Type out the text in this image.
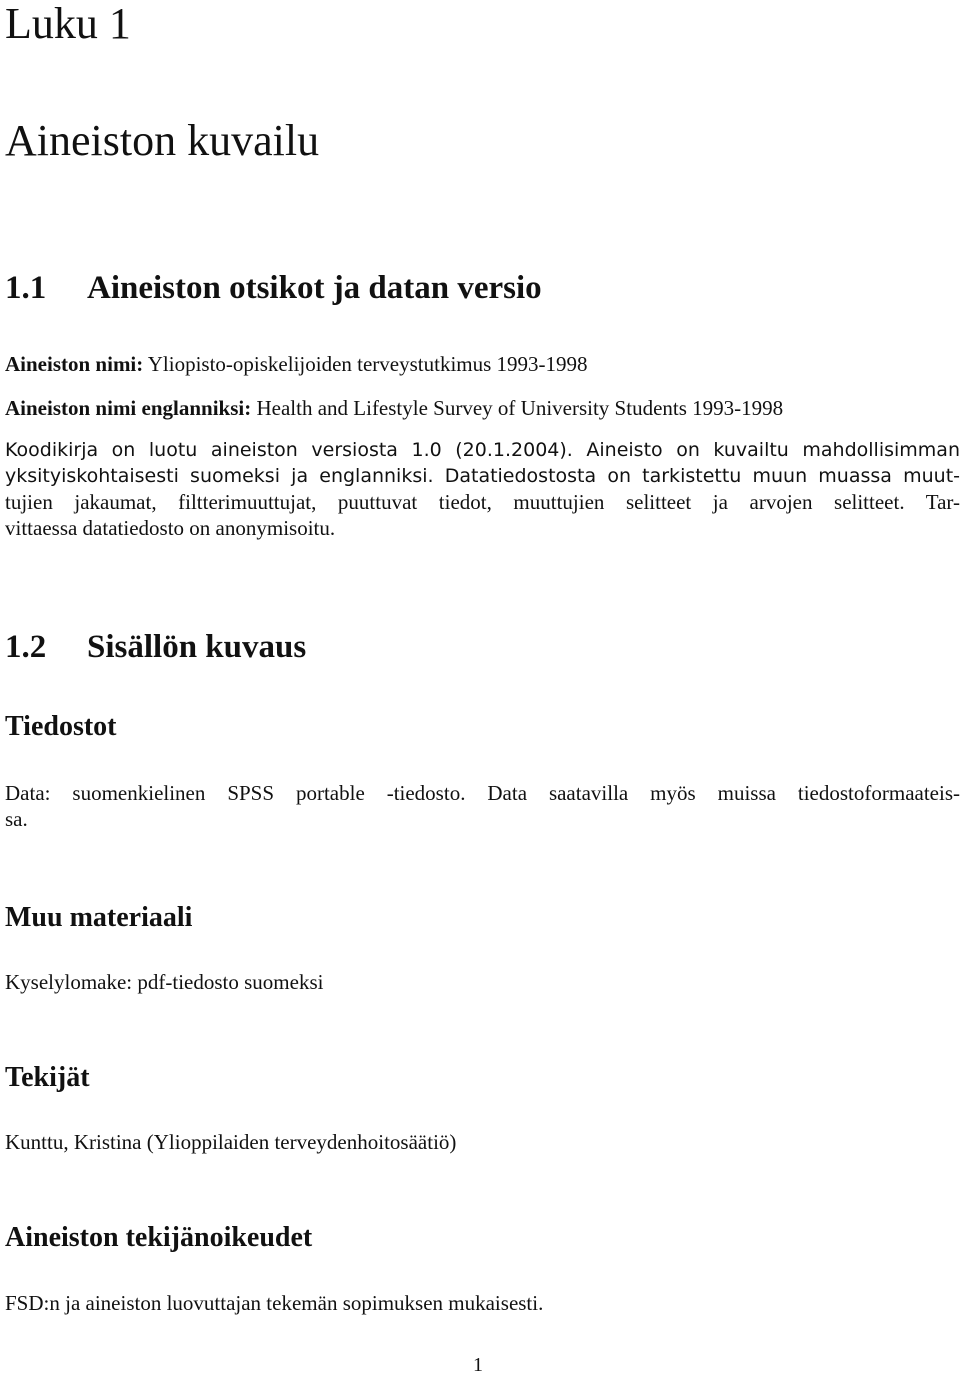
Luku 1
Aineiston kuvailu
1.1 Aineiston otsikot ja datan versio
Aineiston nimi: Yliopisto-opiskelijoiden terveystutkimus 1993-1998
Aineiston nimi englanniksi: Health and Lifestyle Survey of University Students 1993-1998
Koodikirja on luotu aineiston versiosta 1.0 (20.1.2004). Aineisto on kuvailtu mahdollisimman
yksityiskohtaisesti suomeksi ja englanniksi. Datatiedostosta on tarkistettu muun muassa muut-
tujien jakaumat, filtterimuuttujat, puuttuvat tiedot, muuttujien selitteet ja arvojen selitteet. Tar-
vittaessa datatiedosto on anonymisoitu.
1.2 Sisällön kuvaus
Tiedostot
Data: suomenkielinen SPSS portable -tiedosto. Data saatavilla myös muissa tiedostoformaateis-
sa.
Muu materiaali
Kyselylomake: pdf-tiedosto suomeksi
Tekijät
Kunttu, Kristina (Ylioppilaiden terveydenhoitosäätiö)
Aineiston tekijänoikeudet
FSD:n ja aineiston luovuttajan tekemän sopimuksen mukaisesti.
1
